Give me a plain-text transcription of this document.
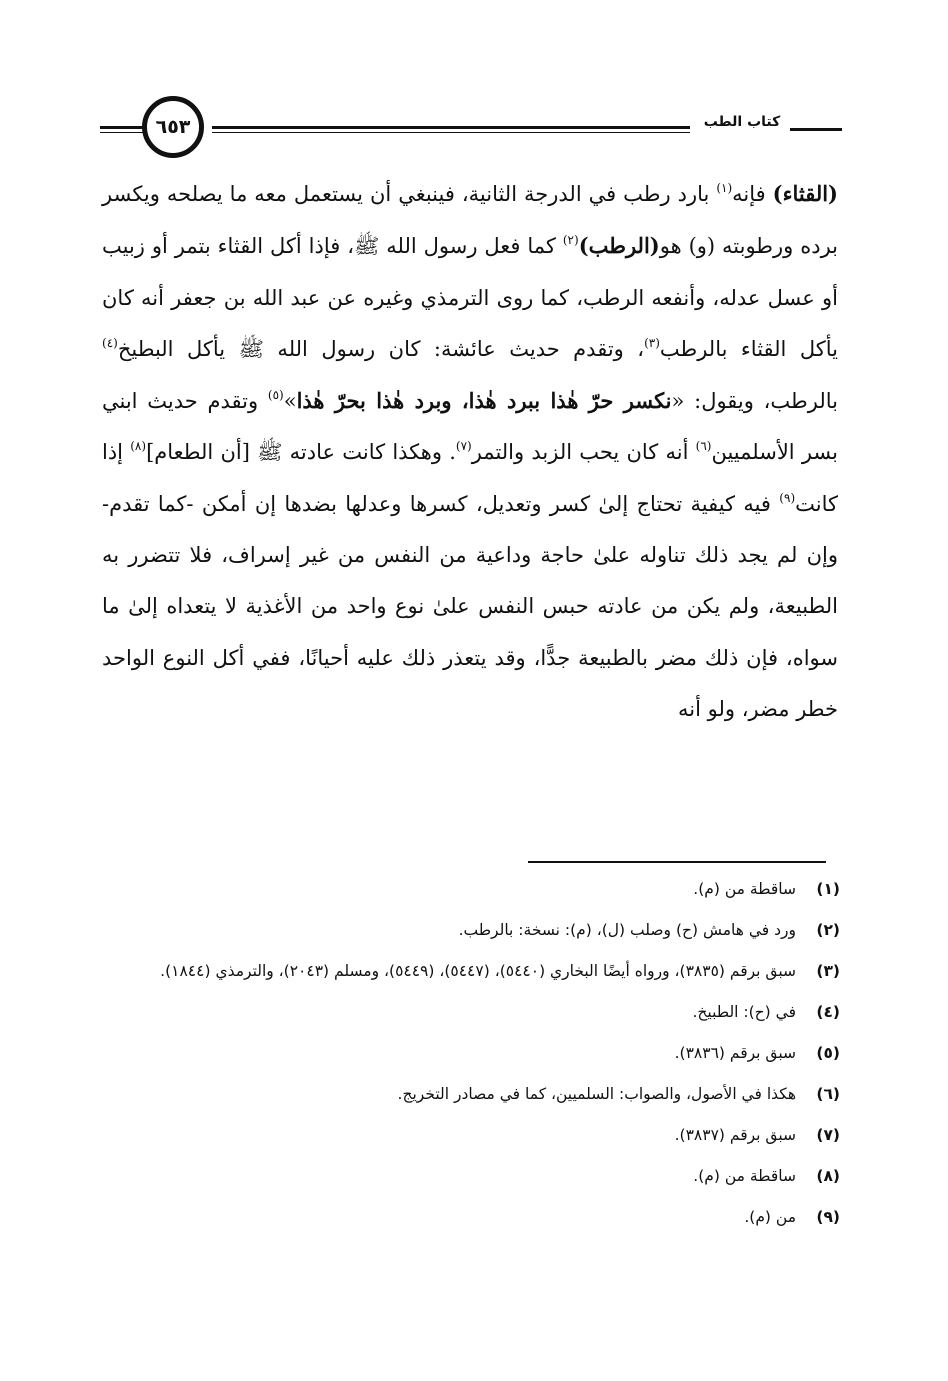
٦٥٣	كتاب الطب

(القثاء) فإنه$^{(١)}$ بارد رطب في الدرجة الثانية، فينبغي أن يستعمل معه ما يصلحه ويكسر برده ورطوبته (و) هو(الرطب)$^{(٢)}$ كما فعل رسول الله ﷺ، فإذا أكل القثاء بتمر أو زبيب أو عسل عدله، وأنفعه الرطب، كما روى الترمذي وغيره عن عبد الله بن جعفر أنه كان يأكل القثاء بالرطب$^{(٣)}$، وتقدم حديث عائشة: كان رسول الله ﷺ يأكل البطيخ$^{(٤)}$ بالرطب، ويقول: «نكسر حرّ هٰذا ببرد هٰذا، وبرد هٰذا بحرّ هٰذا»$^{(٥)}$ وتقدم حديث ابني بسر الأسلميين$^{(٦)}$ أنه كان يحب الزبد والتمر$^{(٧)}$. وهكذا كانت عادته ﷺ [أن الطعام]$^{(٨)}$ إذا كانت$^{(٩)}$ فيه كيفية تحتاج إلىٰ كسر وتعديل، كسرها وعدلها بضدها إن أمكن -كما تقدم- وإن لم يجد ذلك تناوله علىٰ حاجة وداعية من النفس من غير إسراف، فلا تتضرر به الطبيعة، ولم يكن من عادته حبس النفس علىٰ نوع واحد من الأغذية لا يتعداه إلىٰ ما سواه، فإن ذلك مضر بالطبيعة جدًّا، وقد يتعذر ذلك عليه أحيانًا، ففي أكل النوع الواحد خطر مضر، ولو أنه

(١)
ساقطة من (م).
(٢)
ورد في هامش (ح) وصلب (ل)، (م): نسخة: بالرطب.
(٣)
سبق برقم (٣٨٣٥)، ورواه أيضًا البخاري (٥٤٤٠)، (٥٤٤٧)، (٥٤٤٩)، ومسلم (٢٠٤٣)، والترمذي (١٨٤٤).
(٤)
في (ح): الطبيخ.
(٥)
سبق برقم (٣٨٣٦).
(٦)
هكذا في الأصول، والصواب: السلميين، كما في مصادر التخريج.
(٧)
سبق برقم (٣٨٣٧).
(٨)
ساقطة من (م).
(٩)
من (م).
